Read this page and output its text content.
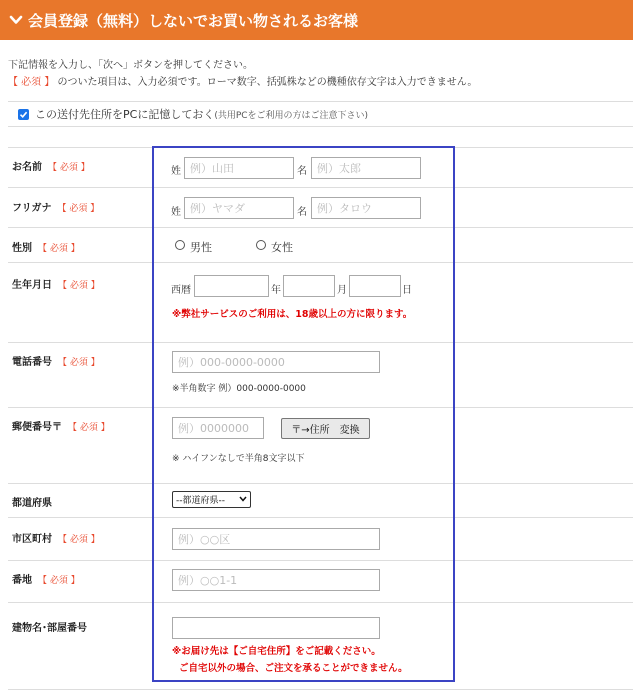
会員登録（無料）しないでお買い物されるお客様
下記情報を入力し、「次へ」ボタンを押してください。
【 必須 】 のついた項目は、入力必須です。ローマ数字、括弧株などの機種依存文字は入力できません。
この送付先住所をPCに記憶しておく (共用PCをご利用の方はご注意下さい)
お名前 【 必須 】	姓 例）山田	名 例）太郎
フリガナ 【 必須 】	姓 例）ヤマダ	名 例）タロウ
性別 【 必須 】	男性	女性
生年月日 【 必須 】	西暦	年	月	日
※弊社サービスのご利用は、18歳以上の方に限ります。
電話番号 【 必須 】	例）000-0000-0000
※半角数字 例）000-0000-0000
郵便番号〒 【 必須 】	例）0000000	〒→住所　変換
※ ハイフンなしで半角8文字以下
都道府県	--都道府県--
市区町村 【 必須 】	例）○○区
番地 【 必須 】	例）○○1-1
建物名･部屋番号
※お届け先は【ご自宅住所】をご記載ください。
ご自宅以外の場合、ご注文を承ることができません。
